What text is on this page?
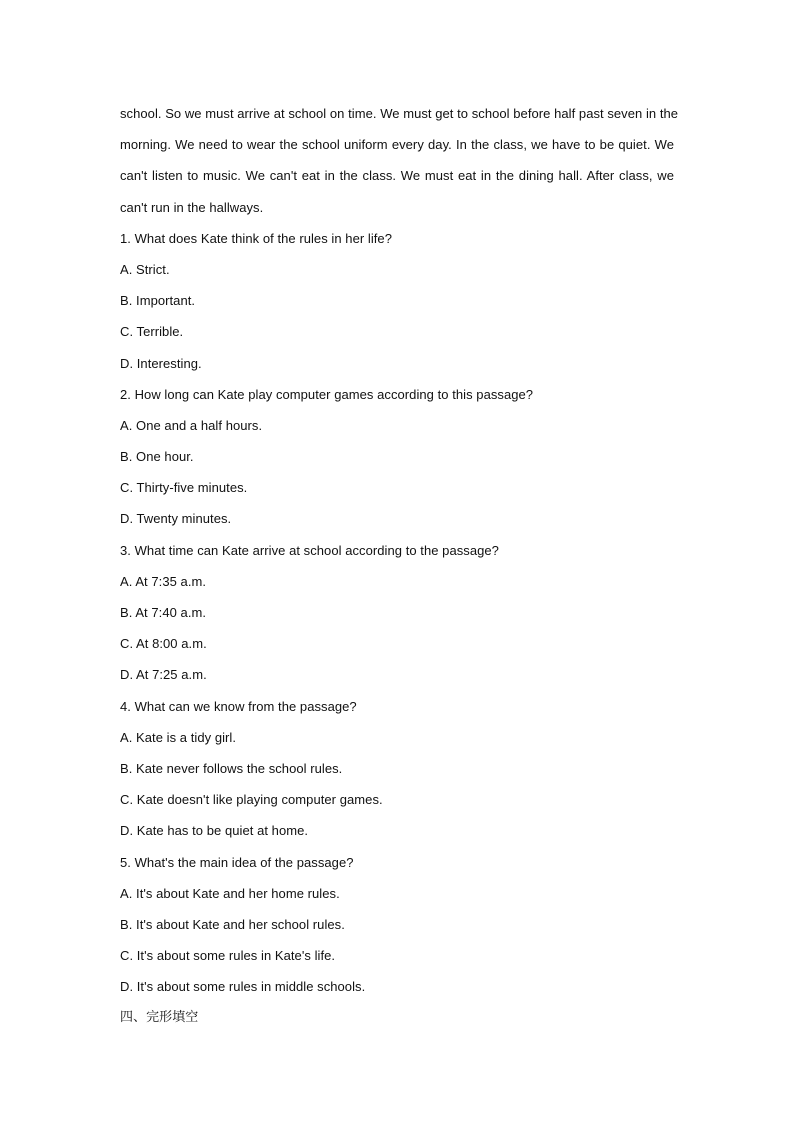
school. So we must arrive at school on time. We must get to school before half past seven in the
morning. We need to wear the school uniform every day. In the class, we have to be quiet. We
can't listen to music. We can't eat in the class. We must eat in the dining hall. After class, we
can't run in the hallways.
1. What does Kate think of the rules in her life?
A. Strict.
B. Important.
C. Terrible.
D. Interesting.
2. How long can Kate play computer games according to this passage?
A. One and a half hours.
B. One hour.
C. Thirty-five minutes.
D. Twenty minutes.
3. What time can Kate arrive at school according to the passage?
A. At 7:35 a.m.
B. At 7:40 a.m.
C. At 8:00 a.m.
D. At 7:25 a.m.
4. What can we know from the passage?
A. Kate is a tidy girl.
B. Kate never follows the school rules.
C. Kate doesn't like playing computer games.
D. Kate has to be quiet at home.
5. What's the main idea of the passage?
A. It's about Kate and her home rules.
B. It's about Kate and her school rules.
C. It's about some rules in Kate's life.
D. It's about some rules in middle schools.
四、完形填空
